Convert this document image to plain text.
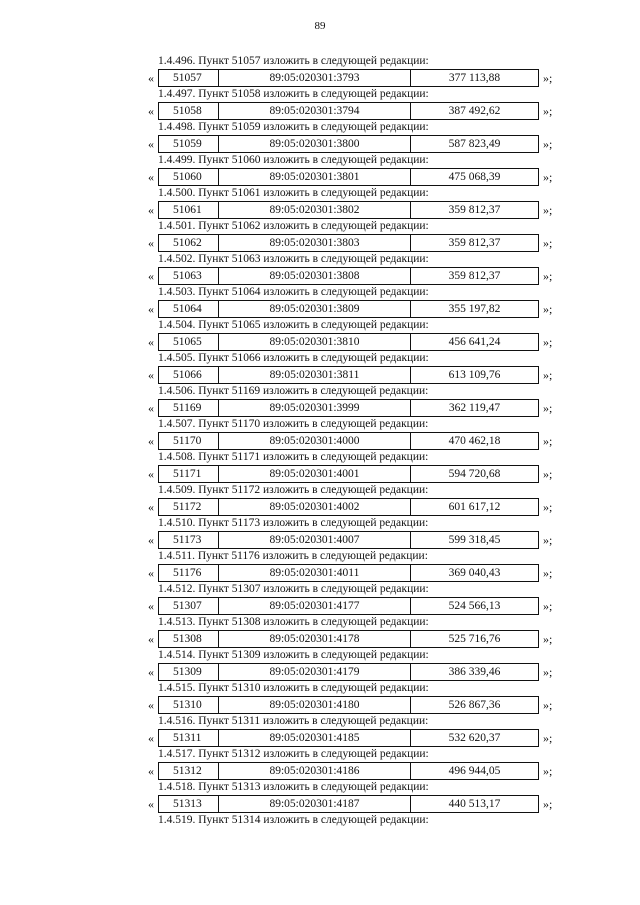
89
1.4.496. Пункт 51057 изложить в следующей редакции:
«	51057	89:05:020301:3793	377 113,88	»;
1.4.497. Пункт 51058 изложить в следующей редакции:
«	51058	89:05:020301:3794	387 492,62	»;
1.4.498. Пункт 51059 изложить в следующей редакции:
«	51059	89:05:020301:3800	587 823,49	»;
1.4.499. Пункт 51060 изложить в следующей редакции:
«	51060	89:05:020301:3801	475 068,39	»;
1.4.500. Пункт 51061 изложить в следующей редакции:
«	51061	89:05:020301:3802	359 812,37	»;
1.4.501. Пункт 51062 изложить в следующей редакции:
«	51062	89:05:020301:3803	359 812,37	»;
1.4.502. Пункт 51063 изложить в следующей редакции:
«	51063	89:05:020301:3808	359 812,37	»;
1.4.503. Пункт 51064 изложить в следующей редакции:
«	51064	89:05:020301:3809	355 197,82	»;
1.4.504. Пункт 51065 изложить в следующей редакции:
«	51065	89:05:020301:3810	456 641,24	»;
1.4.505. Пункт 51066 изложить в следующей редакции:
«	51066	89:05:020301:3811	613 109,76	»;
1.4.506. Пункт 51169 изложить в следующей редакции:
«	51169	89:05:020301:3999	362 119,47	»;
1.4.507. Пункт 51170 изложить в следующей редакции:
«	51170	89:05:020301:4000	470 462,18	»;
1.4.508. Пункт 51171 изложить в следующей редакции:
«	51171	89:05:020301:4001	594 720,68	»;
1.4.509. Пункт 51172 изложить в следующей редакции:
«	51172	89:05:020301:4002	601 617,12	»;
1.4.510. Пункт 51173 изложить в следующей редакции:
«	51173	89:05:020301:4007	599 318,45	»;
1.4.511. Пункт 51176 изложить в следующей редакции:
«	51176	89:05:020301:4011	369 040,43	»;
1.4.512. Пункт 51307 изложить в следующей редакции:
«	51307	89:05:020301:4177	524 566,13	»;
1.4.513. Пункт 51308 изложить в следующей редакции:
«	51308	89:05:020301:4178	525 716,76	»;
1.4.514. Пункт 51309 изложить в следующей редакции:
«	51309	89:05:020301:4179	386 339,46	»;
1.4.515. Пункт 51310 изложить в следующей редакции:
«	51310	89:05:020301:4180	526 867,36	»;
1.4.516. Пункт 51311 изложить в следующей редакции:
«	51311	89:05:020301:4185	532 620,37	»;
1.4.517. Пункт 51312 изложить в следующей редакции:
«	51312	89:05:020301:4186	496 944,05	»;
1.4.518. Пункт 51313 изложить в следующей редакции:
«	51313	89:05:020301:4187	440 513,17	»;
1.4.519. Пункт 51314 изложить в следующей редакции:
